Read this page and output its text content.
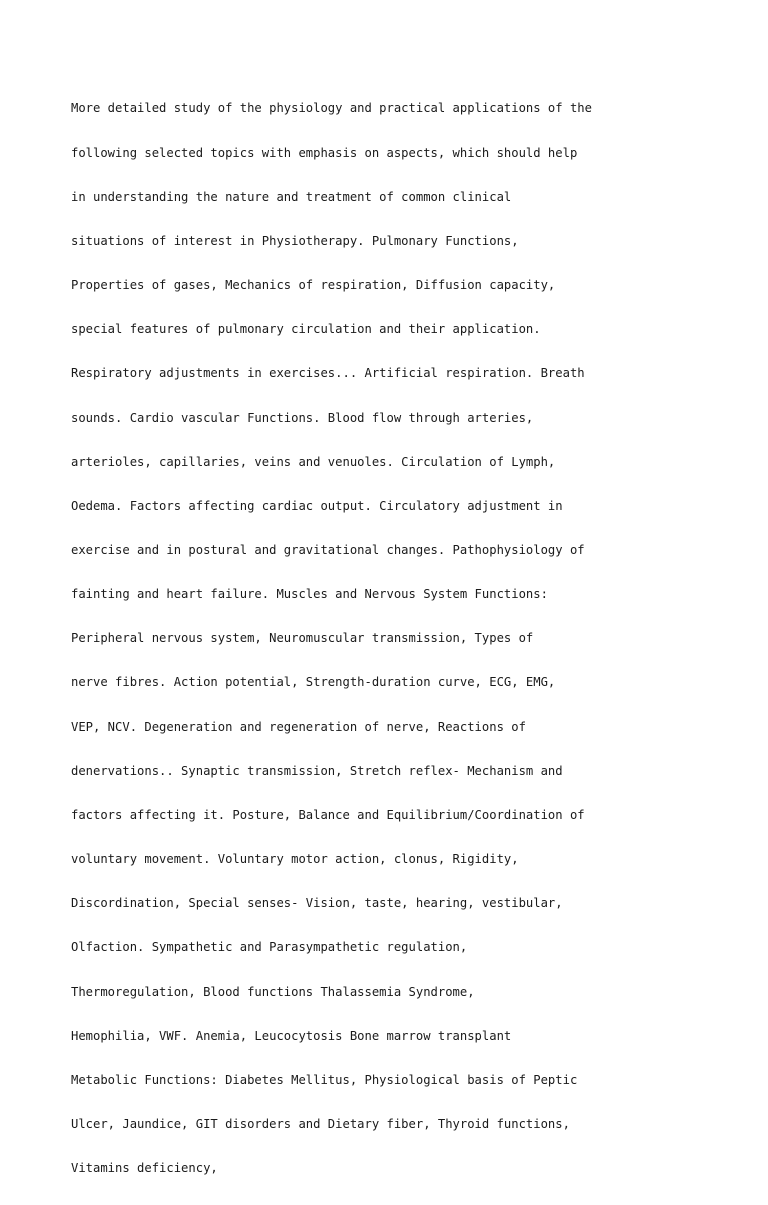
More detailed study of the physiology and practical applications of the

following selected topics with emphasis on aspects, which should help

in understanding the nature and treatment of common clinical

situations of interest in Physiotherapy. Pulmonary Functions,

Properties of gases, Mechanics of respiration, Diffusion capacity,

special features of pulmonary circulation and their application.

Respiratory adjustments in exercises... Artificial respiration. Breath

sounds. Cardio vascular Functions. Blood flow through arteries,

arterioles, capillaries, veins and venuoles. Circulation of Lymph,

Oedema. Factors affecting cardiac output. Circulatory adjustment in

exercise and in postural and gravitational changes. Pathophysiology of

fainting and heart failure. Muscles and Nervous System Functions:

Peripheral nervous system, Neuromuscular transmission, Types of

nerve fibres. Action potential, Strength-duration curve, ECG, EMG,

VEP, NCV. Degeneration and regeneration of nerve, Reactions of

denervations.. Synaptic transmission, Stretch reflex- Mechanism and

factors affecting it. Posture, Balance and Equilibrium/Coordination of

voluntary movement. Voluntary motor action, clonus, Rigidity,

Discordination, Special senses- Vision, taste, hearing, vestibular,

Olfaction. Sympathetic and Parasympathetic regulation,

Thermoregulation, Blood functions Thalassemia Syndrome,

Hemophilia, VWF. Anemia, Leucocytosis Bone marrow transplant

Metabolic Functions: Diabetes Mellitus, Physiological basis of Peptic

Ulcer, Jaundice, GIT disorders and Dietary fiber, Thyroid functions,

Vitamins deficiency,
